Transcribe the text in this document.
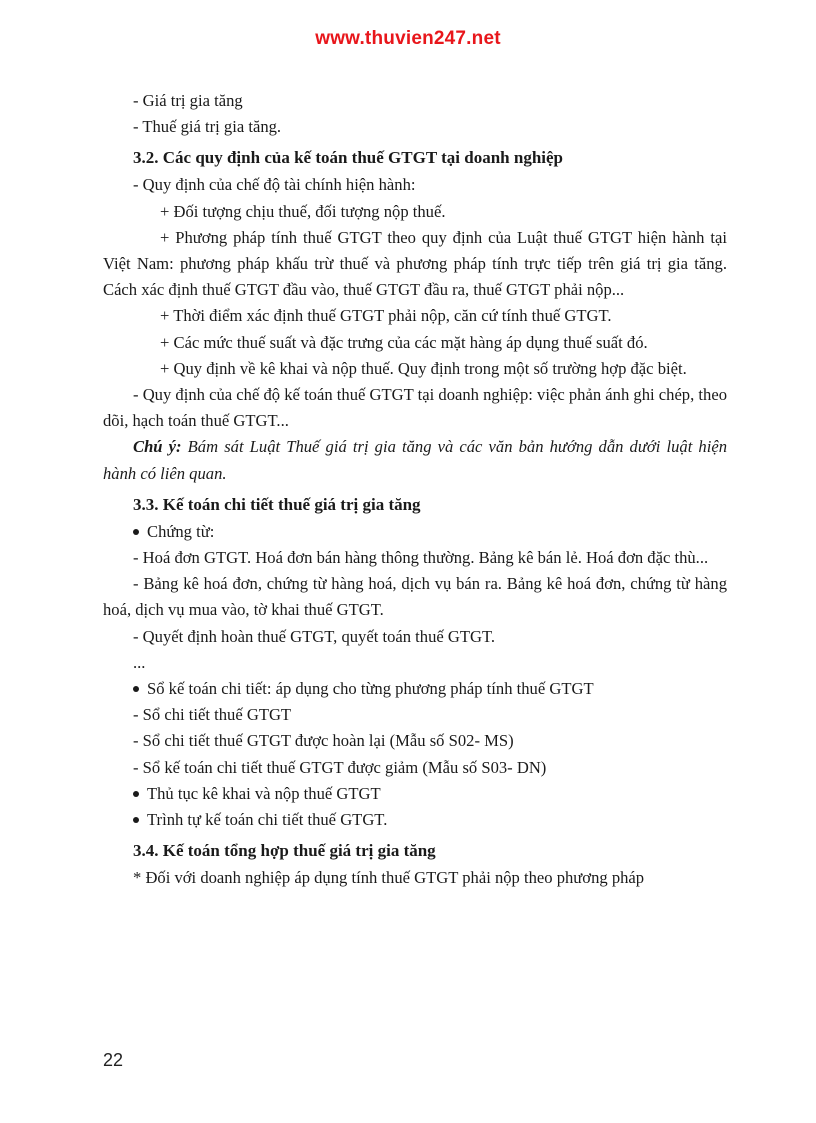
www.thuvien247.net
- Giá trị gia tăng
- Thuế giá trị gia tăng.
3.2. Các quy định của kế toán thuế GTGT tại doanh nghiệp
- Quy định của chế độ tài chính hiện hành:
+ Đối tượng chịu thuế, đối tượng nộp thuế.
+ Phương pháp tính thuế GTGT theo quy định của Luật thuế GTGT hiện hành tại Việt Nam: phương pháp khấu trừ thuế và phương pháp tính trực tiếp trên giá trị gia tăng. Cách xác định thuế GTGT đầu vào, thuế GTGT đầu ra, thuế GTGT phải nộp...
+ Thời điểm xác định thuế GTGT phải nộp, căn cứ tính thuế GTGT.
+ Các mức thuế suất và đặc trưng của các mặt hàng áp dụng thuế suất đó.
+ Quy định về kê khai và nộp thuế. Quy định trong một số trường hợp đặc biệt.
- Quy định của chế độ kế toán thuế GTGT tại doanh nghiệp: việc phản ánh ghi chép, theo dõi, hạch toán thuế GTGT...
Chú ý: Bám sát Luật Thuế giá trị gia tăng và các văn bản hướng dẫn dưới luật hiện hành có liên quan.
3.3. Kế toán chi tiết thuế giá trị gia tăng
Chứng từ:
- Hoá đơn GTGT. Hoá đơn bán hàng thông thường. Bảng kê bán lẻ. Hoá đơn đặc thù...
- Bảng kê hoá đơn, chứng từ hàng hoá, dịch vụ bán ra. Bảng kê hoá đơn, chứng từ hàng hoá, dịch vụ mua vào, tờ khai thuế GTGT.
- Quyết định hoàn thuế GTGT, quyết toán thuế GTGT.
...
Sổ kế toán chi tiết: áp dụng cho từng phương pháp tính thuế GTGT
- Sổ chi tiết thuế GTGT
- Sổ chi tiết thuế GTGT được hoàn lại (Mẫu số S02- MS)
- Sổ kế toán chi tiết thuế GTGT được giảm (Mẫu số S03- DN)
Thủ tục kê khai và nộp thuế GTGT
Trình tự kế toán chi tiết thuế GTGT.
3.4. Kế toán tổng hợp thuế giá trị gia tăng
* Đối với doanh nghiệp áp dụng tính thuế GTGT phải nộp theo phương pháp
22
